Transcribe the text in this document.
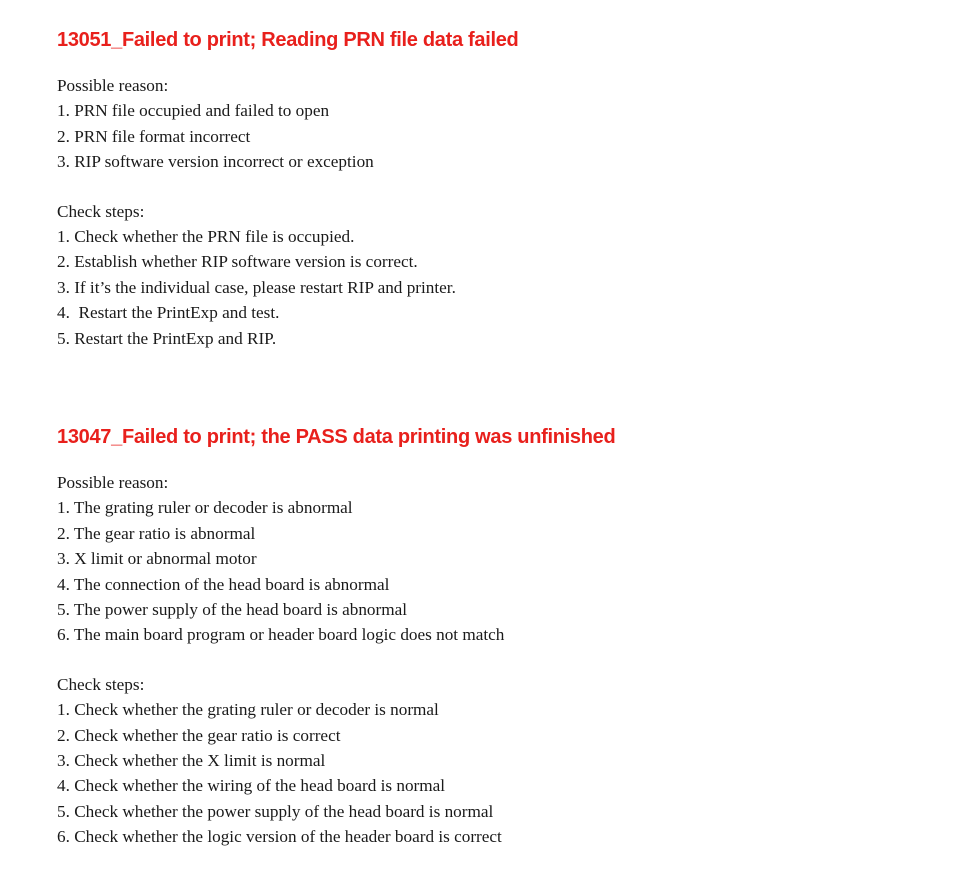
13051_Failed to print; Reading PRN file data failed
Possible reason:
1. PRN file occupied and failed to open
2. PRN file format incorrect
3. RIP software version incorrect or exception
Check steps:
1. Check whether the PRN file is occupied.
2. Establish whether RIP software version is correct.
3. If it’s the individual case, please restart RIP and printer.
4.  Restart the PrintExp and test.
5. Restart the PrintExp and RIP.
13047_Failed to print; the PASS data printing was unfinished
Possible reason:
1. The grating ruler or decoder is abnormal
2. The gear ratio is abnormal
3. X limit or abnormal motor
4. The connection of the head board is abnormal
5. The power supply of the head board is abnormal
6. The main board program or header board logic does not match
Check steps:
1. Check whether the grating ruler or decoder is normal
2. Check whether the gear ratio is correct
3. Check whether the X limit is normal
4. Check whether the wiring of the head board is normal
5. Check whether the power supply of the head board is normal
6. Check whether the logic version of the header board is correct
